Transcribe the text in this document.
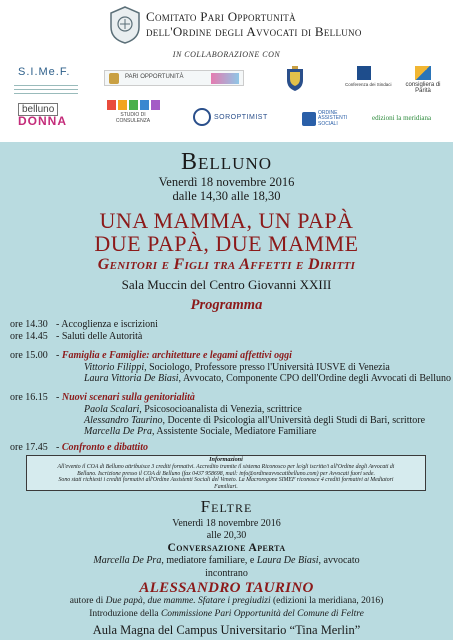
Comitato Pari Opportunità
dell'Ordine degli Avvocati di Belluno
IN COLLABORAZIONE CON
S.I.Me.F.	PARI OPPORTUNITÀ
Conferenza dei Sindaci	consigliera di Parità
belluno
DONNA	STUDIO DI CONSULENZA
SOROPTIMIST
ORDINE ASSISTENTI SOCIALI
edizioni la meridiana
Belluno
Venerdì 18 novembre 2016
dalle 14,30 alle 18,30
UNA MAMMA, UN PAPÀ
DUE PAPÀ, DUE MAMME
Genitori e Figli tra Affetti e Diritti
Sala Muccin del Centro Giovanni XXIII
Programma
ore 14.30 - Accoglienza e iscrizioni
ore 14.45 - Saluti delle Autorità
ore 15.00 - Famiglia e Famiglie: architetture e legami affettivi oggi
Vittorio Filippi, Sociologo, Professore presso l'Università IUSVE di Venezia
Laura Vittoria De Biasi, Avvocato, Componente CPO dell'Ordine degli Avvocati di Belluno
ore 16.15 - Nuovi scenari sulla genitorialità
Paola Scalari, Psicosocioanalista di Venezia, scrittrice
Alessandro Taurino, Docente di Psicologia all'Università degli Studi di Bari, scrittore
Marcella De Pra, Assistente Sociale, Mediatore Familiare
ore 17.45 - Confronto e dibattito
Informazioni
All'evento il COA di Belluno attribuisce 3 crediti formativi. Accredito tramite il sistema Riconosco per le/gli iscritte/i all'Ordine degli Avvocati di
Belluno. Iscrizione presso il COA di Belluno (fax 0437 958698, mail: info@ordineavvocatibelluno.com) per Avvocati fuori sede.
Sono stati richiesti i crediti formativi all'Ordine Assistenti Sociali del Veneto. La Macroregone SIMEF riconosce 4 crediti formativi ai Mediatori
Familiari.
Feltre
Venerdì 18 novembre 2016
alle 20,30
Conversazione Aperta
Marcella De Pra, mediatore familiare, e Laura De Biasi, avvocato
incontrano
ALESSANDRO TAURINO
autore di Due papà, due mamme. Sfatare i pregiudizi (edizioni la meridiana, 2016)
Introduzione della Commissione Pari Opportunità del Comune di Feltre
Aula Magna del Campus Universitario “Tina Merlin”
